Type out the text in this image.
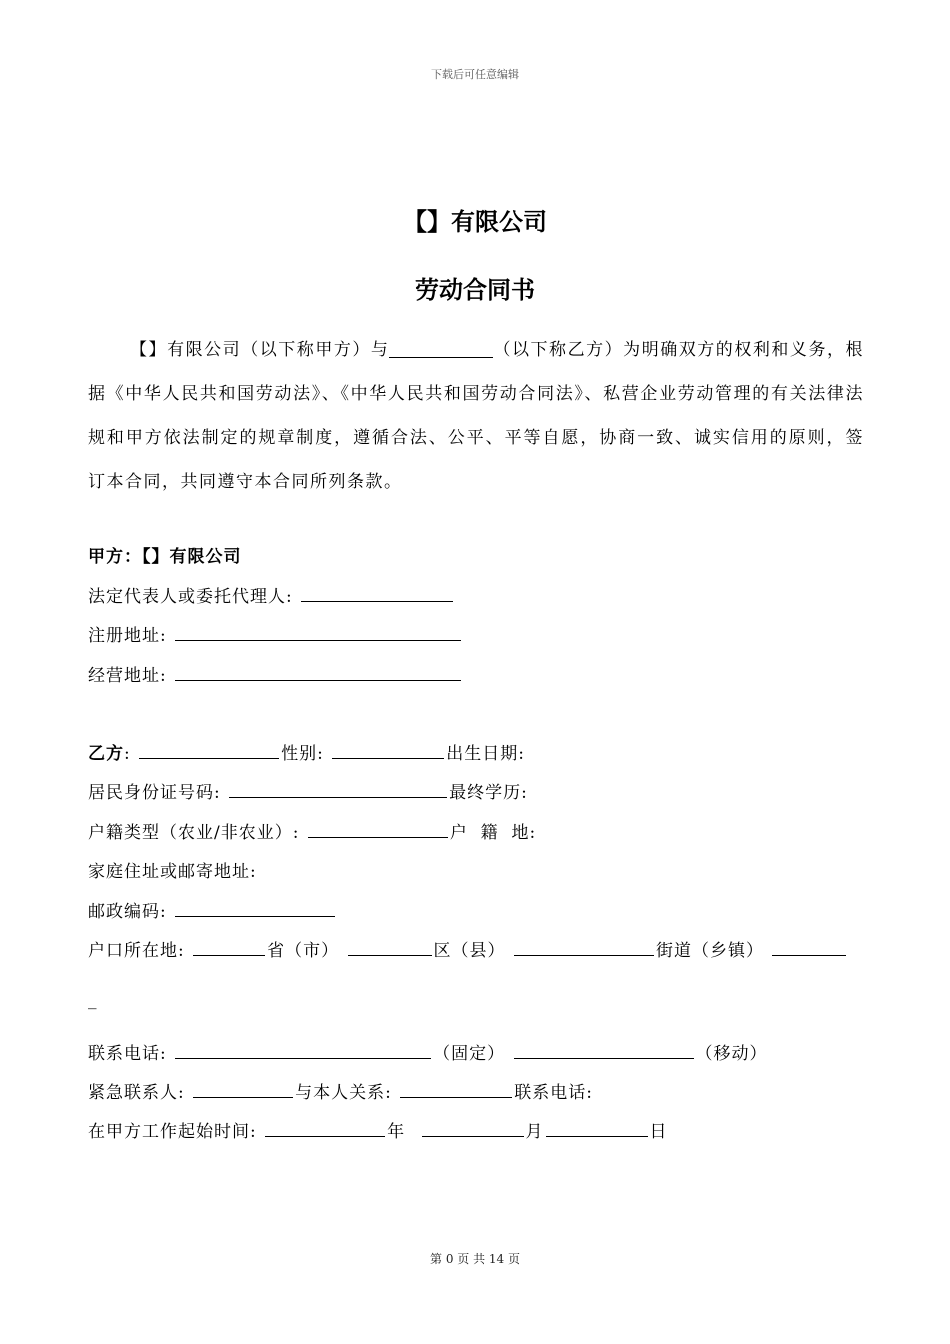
下载后可任意编辑
【】有限公司
劳动合同书
【】有限公司（以下称甲方）与	（以下称乙方）为明确双方的权利和义务，根据《中华人民共和国劳动法》、《中华人民共和国劳动合同法》、私营企业劳动管理的有关法律法规和甲方依法制定的规章制度，遵循合法、公平、平等自愿，协商一致、诚实信用的原则，签订本合同，共同遵守本合同所列条款。
甲方：【】有限公司
法定代表人或委托代理人:
注册地址:
经营地址:
乙方:	性别:	出生日期:
居民身份证号码:	最终学历:
户籍类型（农业/非农业）:	户  籍  地:
家庭住址或邮寄地址:
邮政编码:
户口所在地:	省（市）	区（县）	街道（乡镇）
_
联系电话:	（固定）	（移动）
紧急联系人:	与本人关系:	联系电话:
在甲方工作起始时间:	年	月	日
第 0 页 共 14 页
